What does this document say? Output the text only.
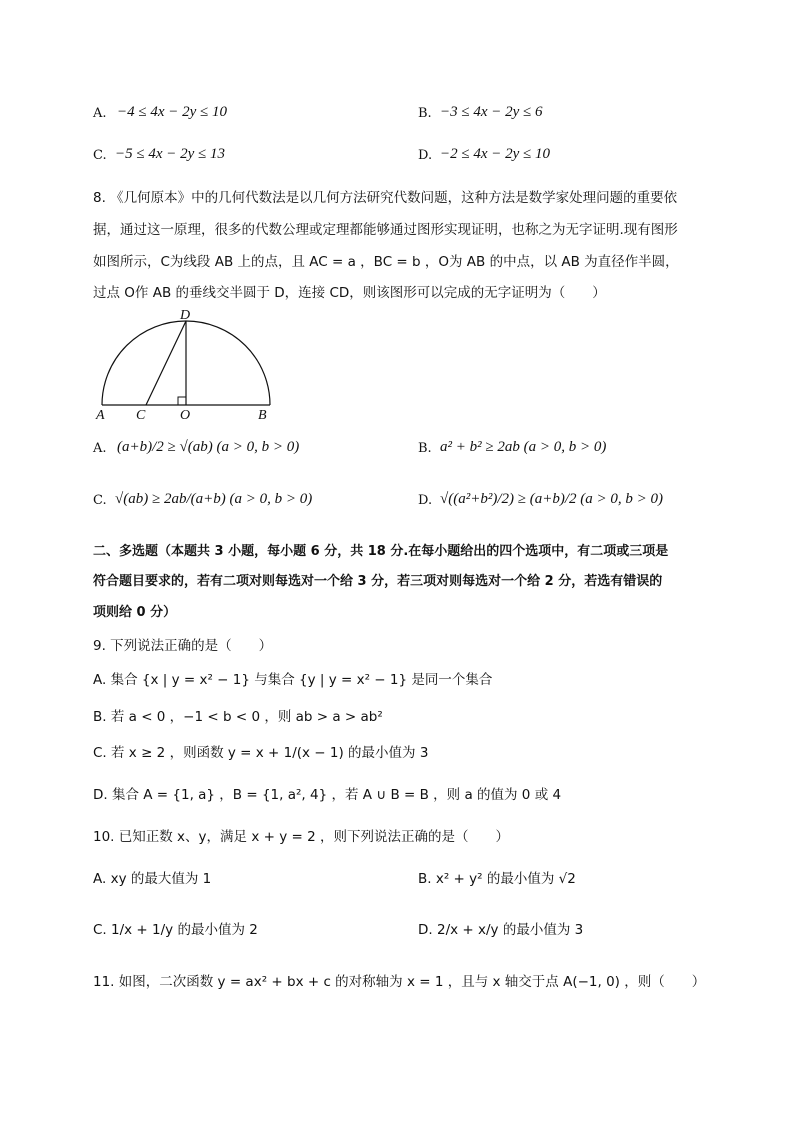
A. −4 ≤ 4x − 2y ≤ 10	B. −3 ≤ 4x − 2y ≤ 6
C. −5 ≤ 4x − 2y ≤ 13	D. −2 ≤ 4x − 2y ≤ 10
8. 《几何原本》中的几何代数法是以几何方法研究代数问题，这种方法是数学家处理问题的重要依
据，通过这一原理，很多的代数公理或定理都能够通过图形实现证明，也称之为无字证明.现有图形
如图所示，C为线段 AB 上的点，且 AC = a ，BC = b ，O为 AB 的中点，以 AB 为直径作半圆，
过点 O作 AB 的垂线交半圆于 D，连接 CD，则该图形可以完成的无字证明为（　　）
A C O	B
D
A. (a+b)/2 ≥ √(ab) (a > 0, b > 0)	B. a² + b² ≥ 2ab (a > 0, b > 0)
C. √(ab) ≥ 2ab/(a+b) (a > 0, b > 0)	D. √((a²+b²)/2) ≥ (a+b)/2 (a > 0, b > 0)
二、多选题（本题共 3 小题，每小题 6 分，共 18 分.在每小题给出的四个选项中，有二项或三项是
符合题目要求的，若有二项对则每选对一个给 3 分，若三项对则每选对一个给 2 分，若选有错误的
项则给 0 分）
9. 下列说法正确的是（　　）
A. 集合 {x | y = x² − 1} 与集合 {y | y = x² − 1} 是同一个集合
B. 若 a < 0 ，−1 < b < 0 ，则 ab > a > ab²
C. 若 x ≥ 2 ，则函数 y = x + 1/(x − 1) 的最小值为 3
D. 集合 A = {1, a} ，B = {1, a², 4} ，若 A ∪ B = B ，则 a 的值为 0 或 4
10. 已知正数 x、y，满足 x + y = 2 ，则下列说法正确的是（　　）
A. xy 的最大值为 1	B. x² + y² 的最小值为 √2
C. 1/x + 1/y 的最小值为 2	D. 2/x + x/y 的最小值为 3
11. 如图，二次函数 y = ax² + bx + c 的对称轴为 x = 1 ，且与 x 轴交于点 A(−1, 0) ，则（　　）
